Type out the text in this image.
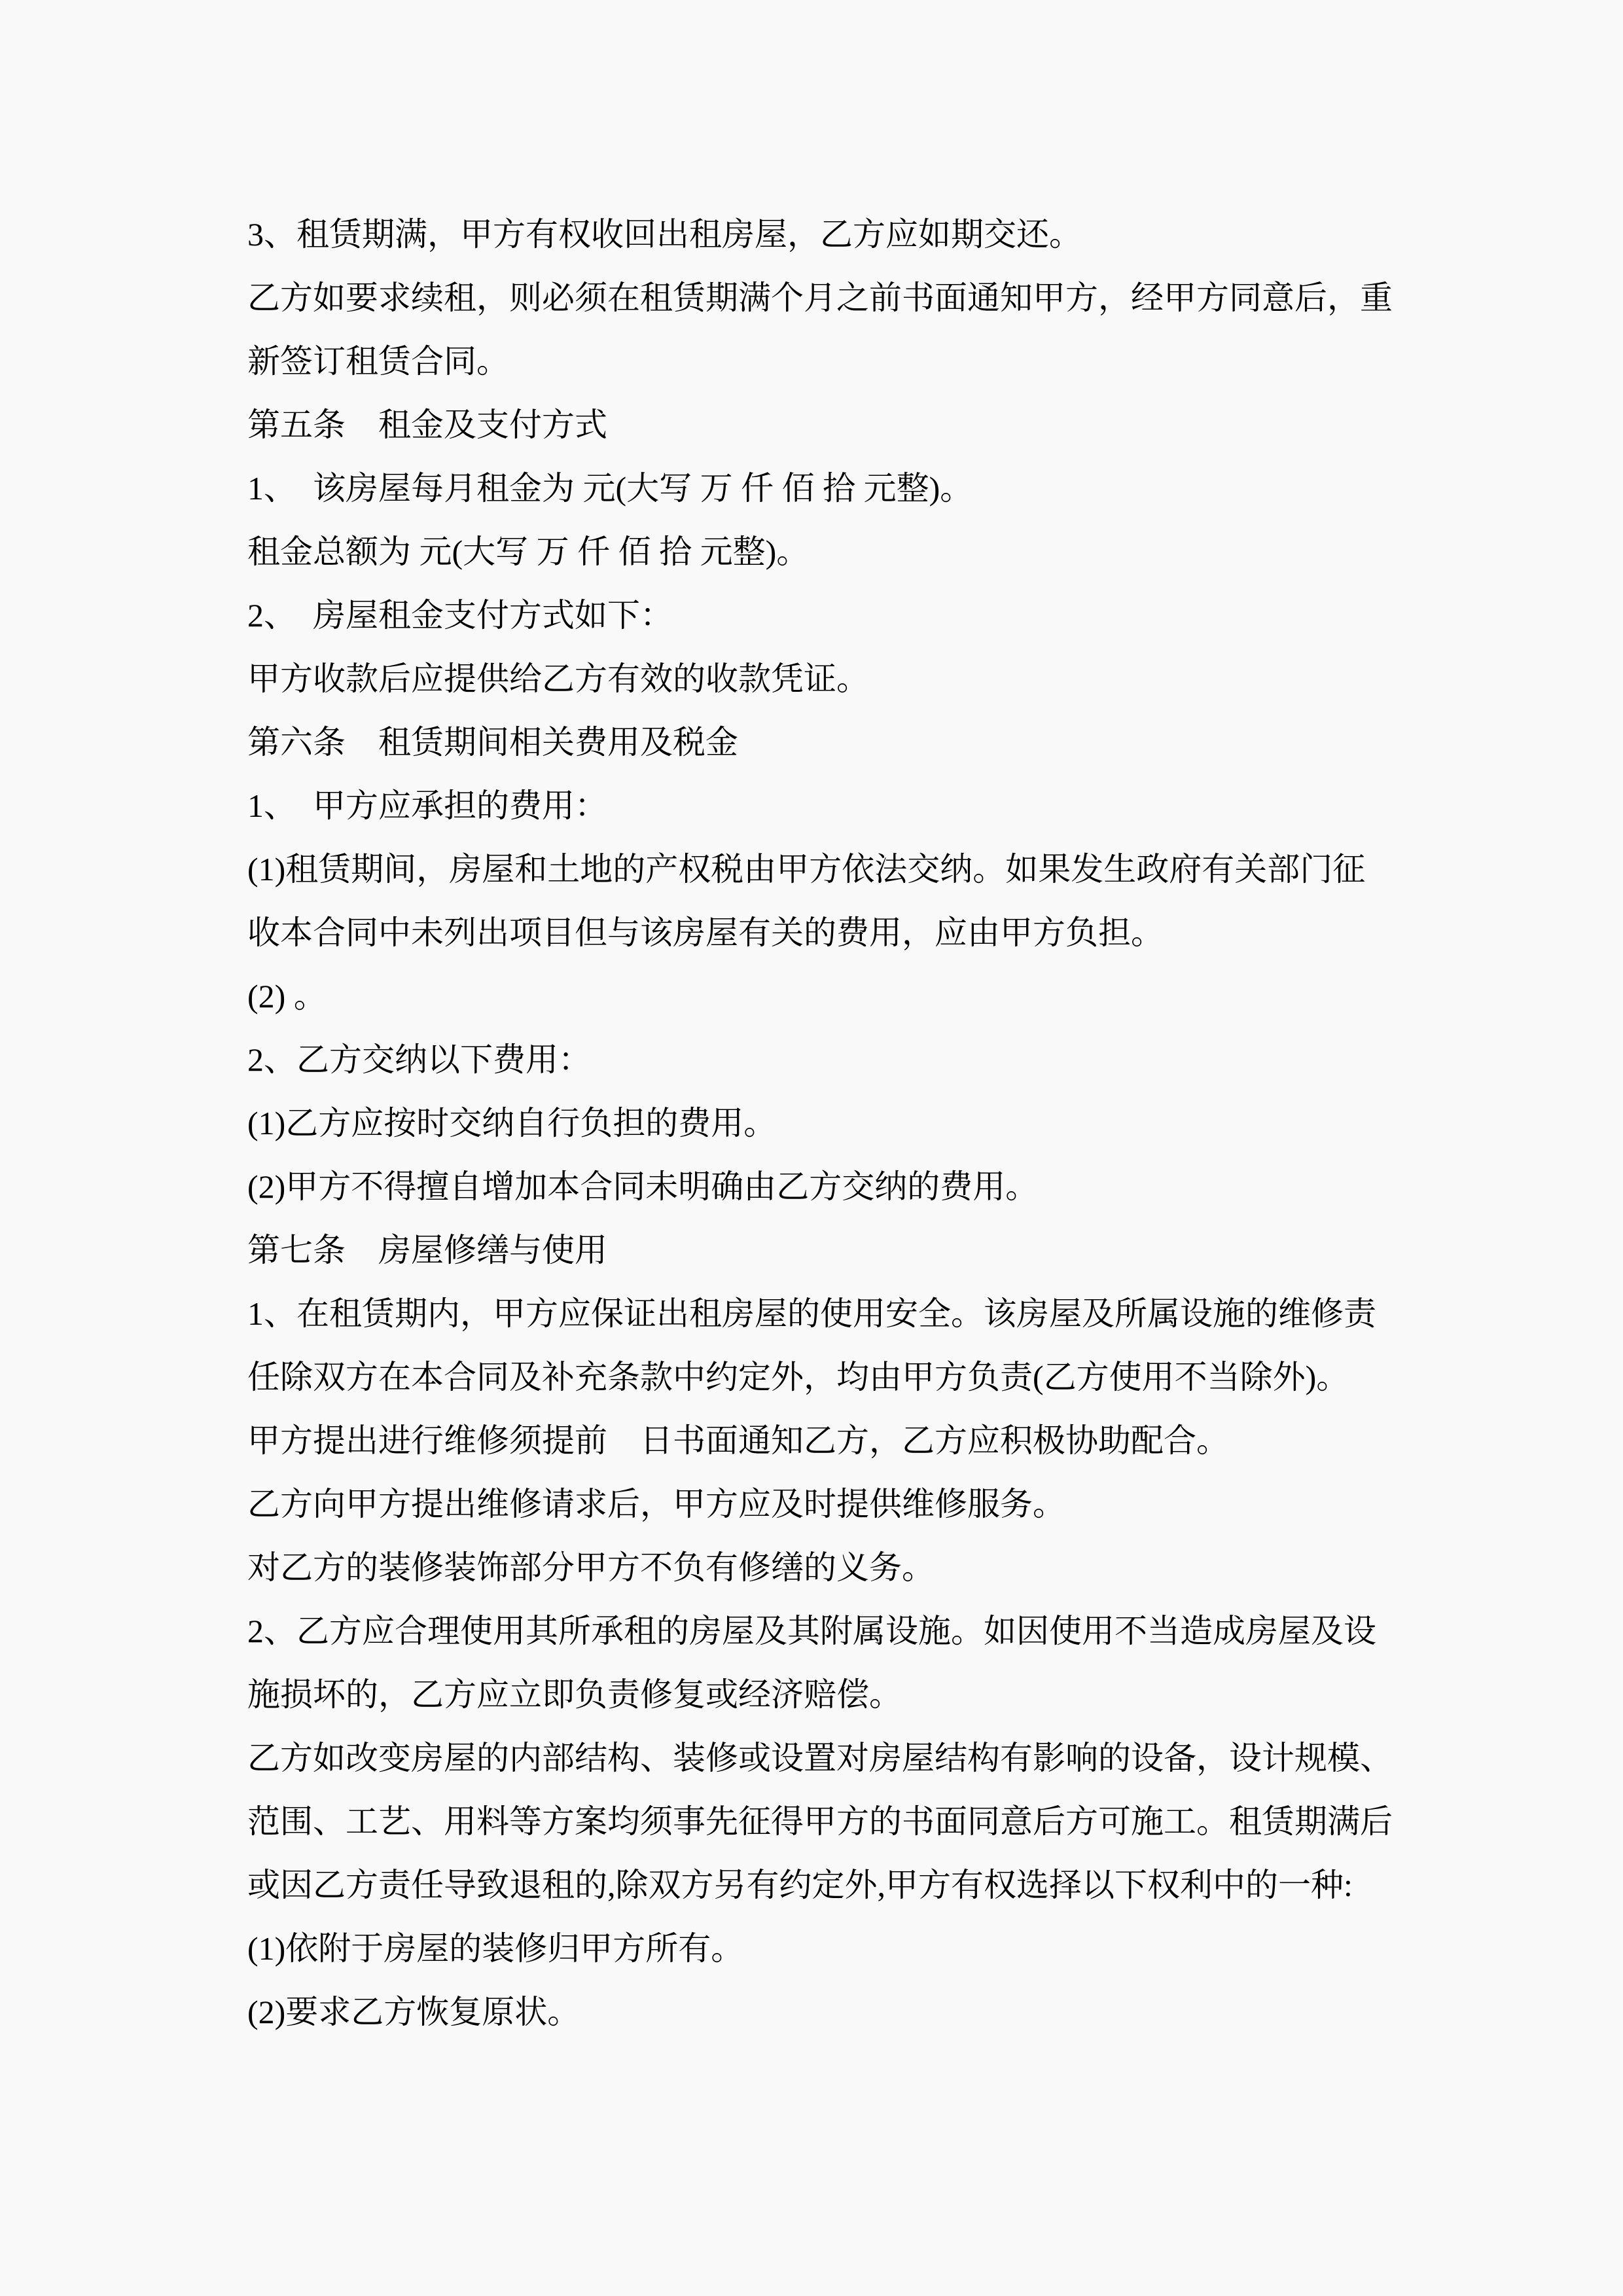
3、租赁期满，甲方有权收回出租房屋，乙方应如期交还。
乙方如要求续租，则必须在租赁期满个月之前书面通知甲方，经甲方同意后，重
新签订租赁合同。
第五条　租金及支付方式
1、　该房屋每月租金为 元(大写 万 仟 佰 拾 元整)。
租金总额为 元(大写 万 仟 佰 拾 元整)。
2、　房屋租金支付方式如下：
甲方收款后应提供给乙方有效的收款凭证。
第六条　租赁期间相关费用及税金
1、　甲方应承担的费用：
(1)租赁期间，房屋和土地的产权税由甲方依法交纳。如果发生政府有关部门征
收本合同中未列出项目但与该房屋有关的费用，应由甲方负担。
(2) 。
2、乙方交纳以下费用：
(1)乙方应按时交纳自行负担的费用。
(2)甲方不得擅自增加本合同未明确由乙方交纳的费用。
第七条　房屋修缮与使用
1、在租赁期内，甲方应保证出租房屋的使用安全。该房屋及所属设施的维修责
任除双方在本合同及补充条款中约定外，均由甲方负责(乙方使用不当除外)。
甲方提出进行维修须提前　日书面通知乙方，乙方应积极协助配合。
乙方向甲方提出维修请求后，甲方应及时提供维修服务。
对乙方的装修装饰部分甲方不负有修缮的义务。
2、乙方应合理使用其所承租的房屋及其附属设施。如因使用不当造成房屋及设
施损坏的，乙方应立即负责修复或经济赔偿。
乙方如改变房屋的内部结构、装修或设置对房屋结构有影响的设备，设计规模、
范围、工艺、用料等方案均须事先征得甲方的书面同意后方可施工。租赁期满后
或因乙方责任导致退租的,除双方另有约定外,甲方有权选择以下权利中的一种:
(1)依附于房屋的装修归甲方所有。
(2)要求乙方恢复原状。
